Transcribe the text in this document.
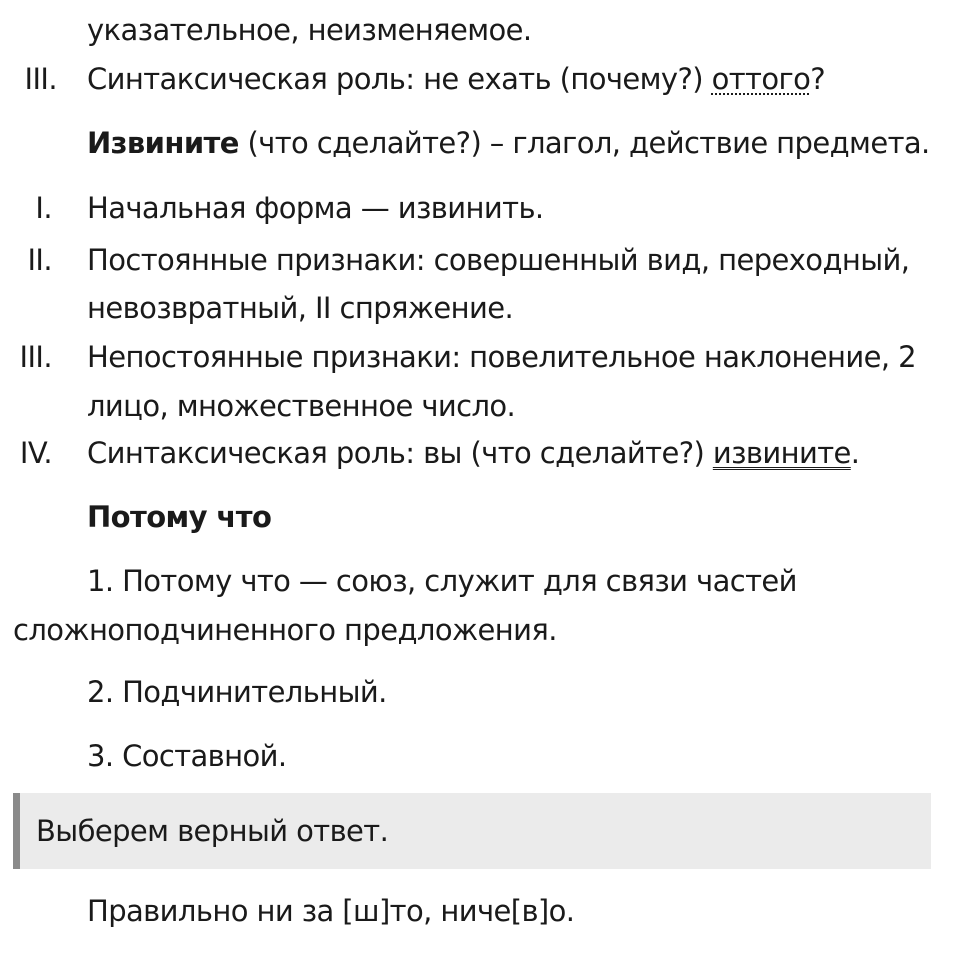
указательное, неизменяемое.
III. Синтаксическая роль: не ехать (почему?) оттого?
Извините (что сделайте?) – глагол, действие предмета.
I. Начальная форма — извинить.
II. Постоянные признаки: совершенный вид, переходный,
невозвратный, II спряжение.
III. Непостоянные признаки: повелительное наклонение, 2
лицо, множественное число.
IV. Синтаксическая роль: вы (что сделайте?) извините.
Потому что
1. Потому что — союз, служит для связи частей
сложноподчиненного предложения.
2. Подчинительный.
3. Составной.
Выберем верный ответ.
Правильно ни за [ш]то, ниче[в]о.
